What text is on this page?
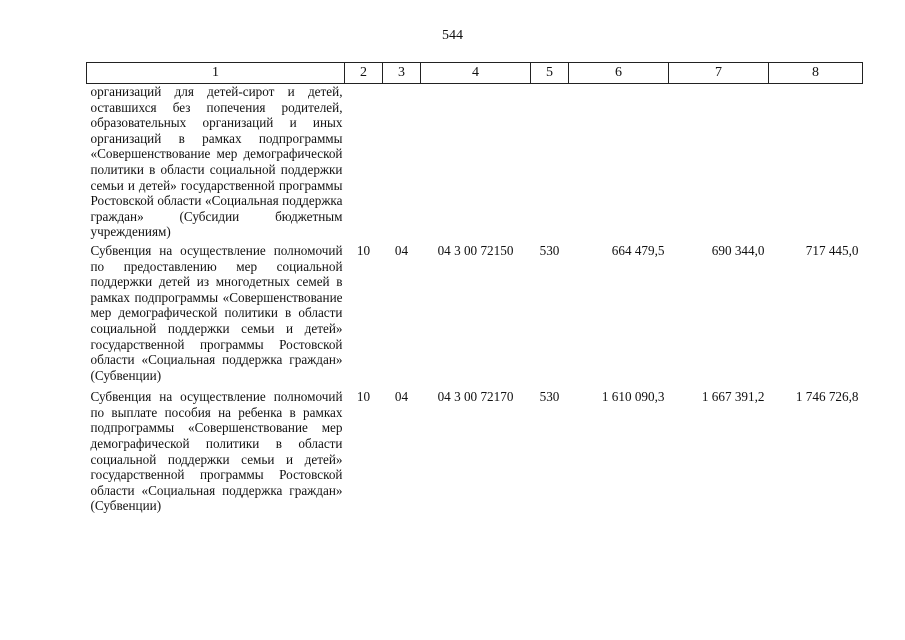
544
1	2	3	4	5	6	7	8
организаций для детей-сирот и детей, оставшихся без попечения родителей, образовательных организаций и иных организаций в рамках подпрограммы «Совершенствование мер демографической политики в области социальной поддержки семьи и детей» государственной программы Ростовской области «Социальная поддержка граждан» (Субсидии бюджетным учреждениям)							
Субвенция на осуществление полномочий по предоставлению мер социальной поддержки детей из многодетных семей в рамках подпрограммы «Совершенствование мер демографической политики в области социальной поддержки семьи и детей» государственной программы Ростовской области «Социальная поддержка граждан» (Субвенции)	10	04	04 3 00 72150	530	664 479,5	690 344,0	717 445,0
Субвенция на осуществление полномочий по выплате пособия на ребенка в рамках подпрограммы «Совершенствование мер демографической политики в области социальной поддержки семьи и детей» государственной программы Ростовской области «Социальная поддержка граждан» (Субвенции)	10	04	04 3 00 72170	530	1 610 090,3	1 667 391,2	1 746 726,8
